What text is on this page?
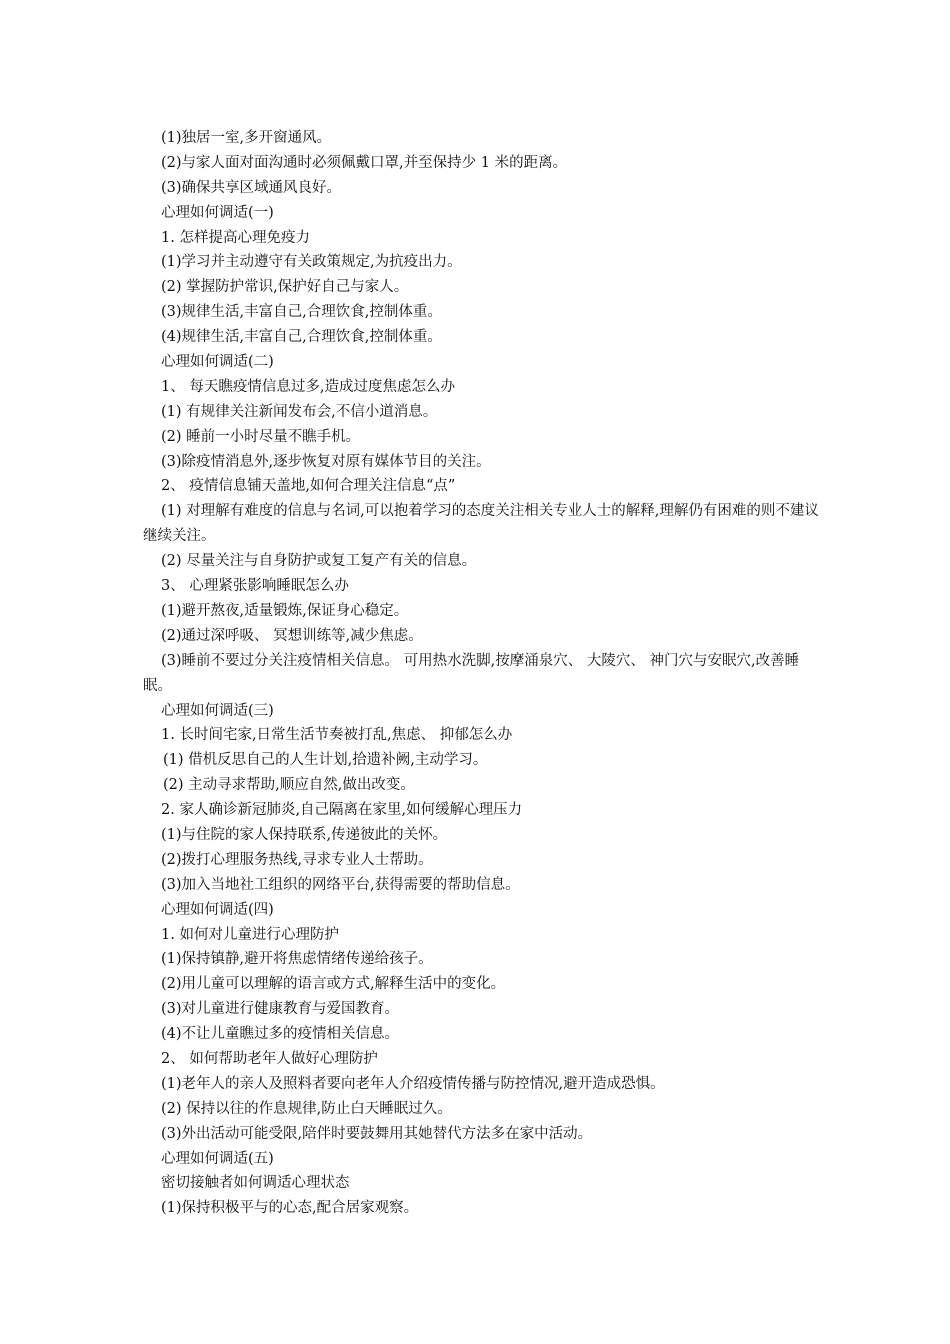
(1)独居一室,多开窗通风。
(2)与家人面对面沟通时必须佩戴口罩,并至保持少 1 米的距离。
(3)确保共享区域通风良好。
心理如何调适(一)
1. 怎样提高心理免疫力
(1)学习并主动遵守有关政策规定,为抗疫出力。
(2) 掌握防护常识,保护好自己与家人。
(3)规律生活,丰富自己,合理饮食,控制体重。
(4)规律生活,丰富自己,合理饮食,控制体重。
心理如何调适(二)
1、 每天瞧疫情信息过多,造成过度焦虑怎么办
(1) 有规律关注新闻发布会,不信小道消息。
(2) 睡前一小时尽量不瞧手机。
(3)除疫情消息外,逐步恢复对原有媒体节目的关注。
2、 疫情信息铺天盖地,如何合理关注信息“点”
(1) 对理解有难度的信息与名词,可以抱着学习的态度关注相关专业人士的解释,理解仍有困难的则不建议继续关注。
(2) 尽量关注与自身防护或复工复产有关的信息。
3、 心理紧张影响睡眠怎么办
(1)避开熬夜,适量锻炼,保证身心稳定。
(2)通过深呼吸、 冥想训练等,减少焦虑。
(3)睡前不要过分关注疫情相关信息。 可用热水洗脚,按摩涌泉穴、 大陵穴、 神门穴与安眠穴,改善睡眠。
心理如何调适(三)
1. 长时间宅家,日常生活节奏被打乱,焦虑、 抑郁怎么办
(1) 借机反思自己的人生计划,拾遗补阙,主动学习。
(2) 主动寻求帮助,顺应自然,做出改变。
2. 家人确诊新冠肺炎,自己隔离在家里,如何缓解心理压力
(1)与住院的家人保持联系,传递彼此的关怀。
(2)拨打心理服务热线,寻求专业人士帮助。
(3)加入当地社工组织的网络平台,获得需要的帮助信息。
心理如何调适(四)
1. 如何对儿童进行心理防护
(1)保持镇静,避开将焦虑情绪传递给孩子。
(2)用儿童可以理解的语言或方式,解释生活中的变化。
(3)对儿童进行健康教育与爱国教育。
(4)不让儿童瞧过多的疫情相关信息。
2、 如何帮助老年人做好心理防护
(1)老年人的亲人及照料者要向老年人介绍疫情传播与防控情况,避开造成恐惧。
(2) 保持以往的作息规律,防止白天睡眠过久。
(3)外出活动可能受限,陪伴时要鼓舞用其她替代方法多在家中活动。
心理如何调适(五)
密切接触者如何调适心理状态
(1)保持积极平与的心态,配合居家观察。
